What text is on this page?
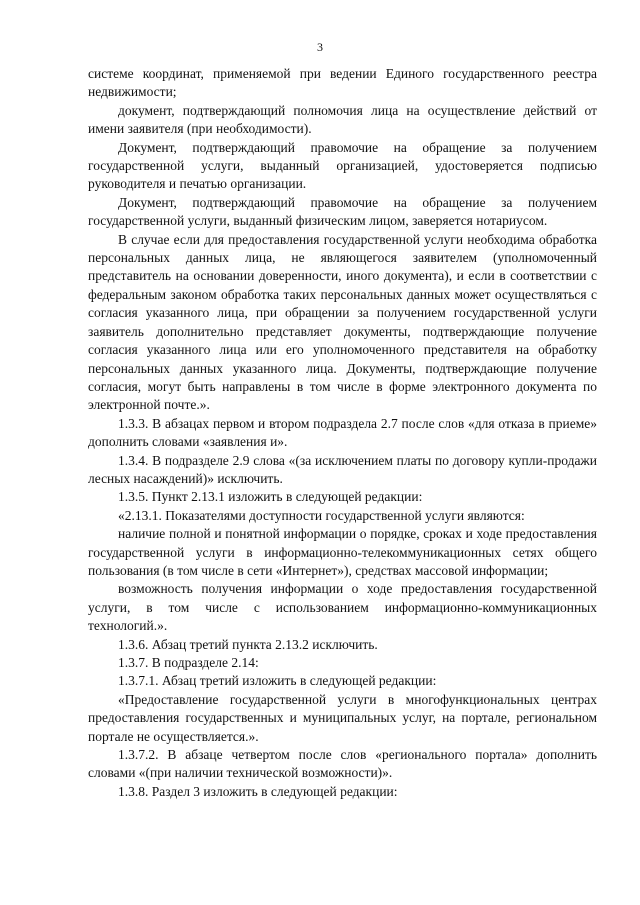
3

системе координат, применяемой при ведении Единого государственного реестра недвижимости;

документ, подтверждающий полномочия лица на осуществление действий от имени заявителя (при необходимости).

Документ, подтверждающий правомочие на обращение за получением государственной услуги, выданный организацией, удостоверяется подписью руководителя и печатью организации.

Документ, подтверждающий правомочие на обращение за получением государственной услуги, выданный физическим лицом, заверяется нотариусом.

В случае если для предоставления государственной услуги необходима обработка персональных данных лица, не являющегося заявителем (уполномоченный представитель на основании доверенности, иного документа), и если в соответствии с федеральным законом обработка таких персональных данных может осуществляться с согласия указанного лица, при обращении за получением государственной услуги заявитель дополнительно представляет документы, подтверждающие получение согласия указанного лица или его уполномоченного представителя на обработку персональных данных указанного лица. Документы, подтверждающие получение согласия, могут быть направлены в том числе в форме электронного документа по электронной почте.».

1.3.3. В абзацах первом и втором подраздела 2.7 после слов «для отказа в приеме» дополнить словами «заявления и».

1.3.4. В подразделе 2.9 слова «(за исключением платы по договору купли-продажи лесных насаждений)» исключить.

1.3.5. Пункт 2.13.1 изложить в следующей редакции:

«2.13.1. Показателями доступности государственной услуги являются:

наличие полной и понятной информации о порядке, сроках и ходе предоставления государственной услуги в информационно-телекоммуникационных сетях общего пользования (в том числе в сети «Интернет»), средствах массовой информации;

возможность получения информации о ходе предоставления государственной услуги, в том числе с использованием информационно-коммуникационных технологий.».

1.3.6. Абзац третий пункта 2.13.2 исключить.

1.3.7. В подразделе 2.14:

1.3.7.1. Абзац третий изложить в следующей редакции:

«Предоставление государственной услуги в многофункциональных центрах предоставления государственных и муниципальных услуг, на портале, региональном портале не осуществляется.».

1.3.7.2. В абзаце четвертом после слов «регионального портала» дополнить словами «(при наличии технической возможности)».

1.3.8. Раздел 3 изложить в следующей редакции:
